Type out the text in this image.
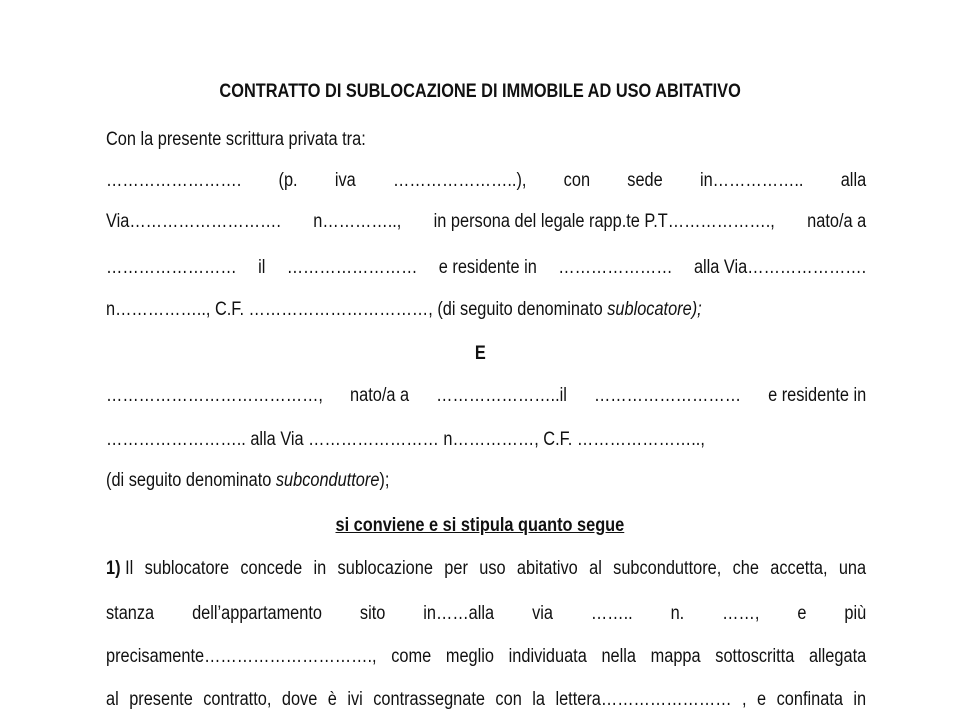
CONTRATTO DI SUBLOCAZIONE DI IMMOBILE AD USO ABITATIVO
Con la presente scrittura privata tra:
……………………. (p. iva …………………..), con sede in…………….. alla
Via………………………. n………….., in persona del legale rapp.te P.T………………., nato/a a
…………………… il …………………… e residente in ………………… alla Via………………….
n…………….., C.F. ……………………………, (di seguito denominato sublocatore);
E
…………………………………, nato/a a …………………..il ……………………… e residente in
…………………….. alla Via …………………… n……………, C.F. …………………..,
(di seguito denominato subconduttore);
si conviene e si stipula quanto segue
1) Il sublocatore concede in sublocazione per uso abitativo al subconduttore, che accetta, una
stanza dell’appartamento sito in……alla via …….. n. ……, e più
precisamente…………………………., come meglio individuata nella mappa sottoscritta allegata
al presente contratto, dove è ivi contrassegnate con la lettera…………………… , e confinata in
